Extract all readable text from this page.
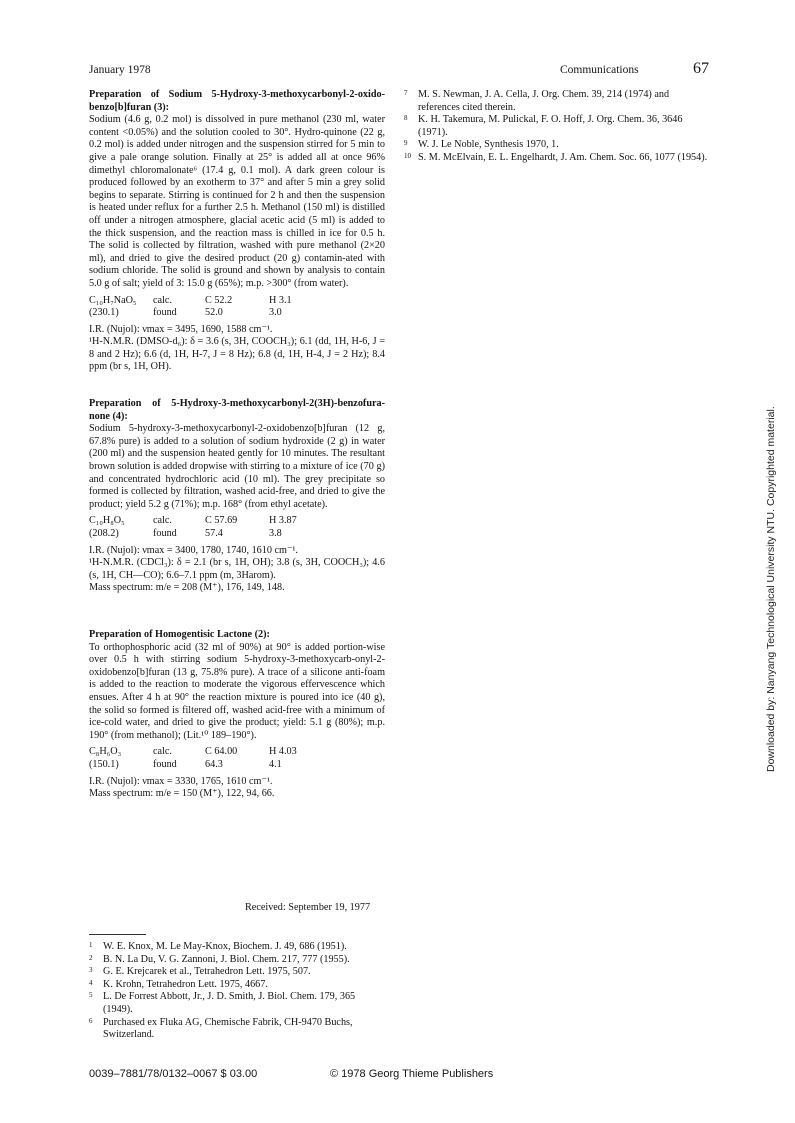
January 1978	Communications	67

Preparation of Sodium 5-Hydroxy-3-methoxycarbonyl-2-oxido-benzo[b]furan (3):

Sodium (4.6 g, 0.2 mol) is dissolved in pure methanol (230 ml, water content <0.05%) and the solution cooled to 30°. Hydro-quinone (22 g, 0.2 mol) is added under nitrogen and the suspension stirred for 5 min to give a pale orange solution. Finally at 25° is added all at once 96% dimethyl chloromalonate⁶ (17.4 g, 0.1 mol). A dark green colour is produced followed by an exotherm to 37° and after 5 min a grey solid begins to separate. Stirring is continued for 2 h and then the suspension is heated under reflux for a further 2.5 h. Methanol (150 ml) is distilled off under a nitrogen atmosphere, glacial acetic acid (5 ml) is added to the thick suspension, and the reaction mass is chilled in ice for 0.5 h. The solid is collected by filtration, washed with pure methanol (2×20 ml), and dried to give the desired product (20 g) contamin-ated with sodium chloride. The solid is ground and shown by analysis to contain 5.0 g of salt; yield of 3: 15.0 g (65%); m.p. >300° (from water).

C₁₀H₇NaO₅	calc.	C 52.2	H 3.1
(230.1)	found	52.0	3.0

I.R. (Nujol): νmax = 3495, 1690, 1588 cm⁻¹.

¹H-N.M.R. (DMSO-d₆): δ = 3.6 (s, 3H, COOCH₃); 6.1 (dd, 1H, H-6, J = 8 and 2 Hz); 6.6 (d, 1H, H-7, J = 8 Hz); 6.8 (d, 1H, H-4, J = 2 Hz); 8.4 ppm (br s, 1H, OH).

Preparation of 5-Hydroxy-3-methoxycarbonyl-2(3H)-benzofura-none (4):

Sodium 5-hydroxy-3-methoxycarbonyl-2-oxidobenzo[b]furan (12 g, 67.8% pure) is added to a solution of sodium hydroxide (2 g) in water (200 ml) and the suspension heated gently for 10 minutes. The resultant brown solution is added dropwise with stirring to a mixture of ice (70 g) and concentrated hydrochloric acid (10 ml). The grey precipitate so formed is collected by filtration, washed acid-free, and dried to give the product; yield 5.2 g (71%); m.p. 168° (from ethyl acetate).

C₁₀H₈O₅	calc.	C 57.69	H 3.87
(208.2)	found	57.4	3.8

I.R. (Nujol): νmax = 3400, 1780, 1740, 1610 cm⁻¹.

¹H-N.M.R. (CDCl₃): δ = 2.1 (br s, 1H, OH); 3.8 (s, 3H, COOCH₃); 4.6 (s, 1H, CH—CO); 6.6–7.1 ppm (m, 3Harom).

Mass spectrum: m/e = 208 (M⁺), 176, 149, 148.

Preparation of Homogentisic Lactone (2):

To orthophosphoric acid (32 ml of 90%) at 90° is added portion-wise over 0.5 h with stirring sodium 5-hydroxy-3-methoxycarb-onyl-2-oxidobenzo[b]furan (13 g, 75.8% pure). A trace of a silicone anti-foam is added to the reaction to moderate the vigorous effervescence which ensues. After 4 h at 90° the reaction mixture is poured into ice (40 g), the solid so formed is filtered off, washed acid-free with a minimum of ice-cold water, and dried to give the product; yield: 5.1 g (80%); m.p. 190° (from methanol); (Lit.¹⁰ 189–190°).

C₈H₆O₃	calc.	C 64.00	H 4.03
(150.1)	found	64.3	4.1

I.R. (Nujol): νmax = 3330, 1765, 1610 cm⁻¹.

Mass spectrum: m/e = 150 (M⁺), 122, 94, 66.

Received: September 19, 1977
1	W. E. Knox, M. Le May-Knox, Biochem. J. 49, 686 (1951).
2	B. N. La Du, V. G. Zannoni, J. Biol. Chem. 217, 777 (1955).
3	G. E. Krejcarek et al., Tetrahedron Lett. 1975, 507.
4	K. Krohn, Tetrahedron Lett. 1975, 4667.
5	L. De Forrest Abbott, Jr., J. D. Smith, J. Biol. Chem. 179, 365 (1949).
6	Purchased ex Fluka AG, Chemische Fabrik, CH-9470 Buchs, Switzerland.
7	M. S. Newman, J. A. Cella, J. Org. Chem. 39, 214 (1974) and references cited therein.
8	K. H. Takemura, M. Pulickal, F. O. Hoff, J. Org. Chem. 36, 3646 (1971).
9	W. J. Le Noble, Synthesis 1970, 1.
10 S. M. McElvain, E. L. Engelhardt, J. Am. Chem. Soc. 66, 1077 (1954).
0039–7881/78/0132–0067 $ 03.00	© 1978 Georg Thieme Publishers
Downloaded by: Nanyang Technological University NTU. Copyrighted material.
